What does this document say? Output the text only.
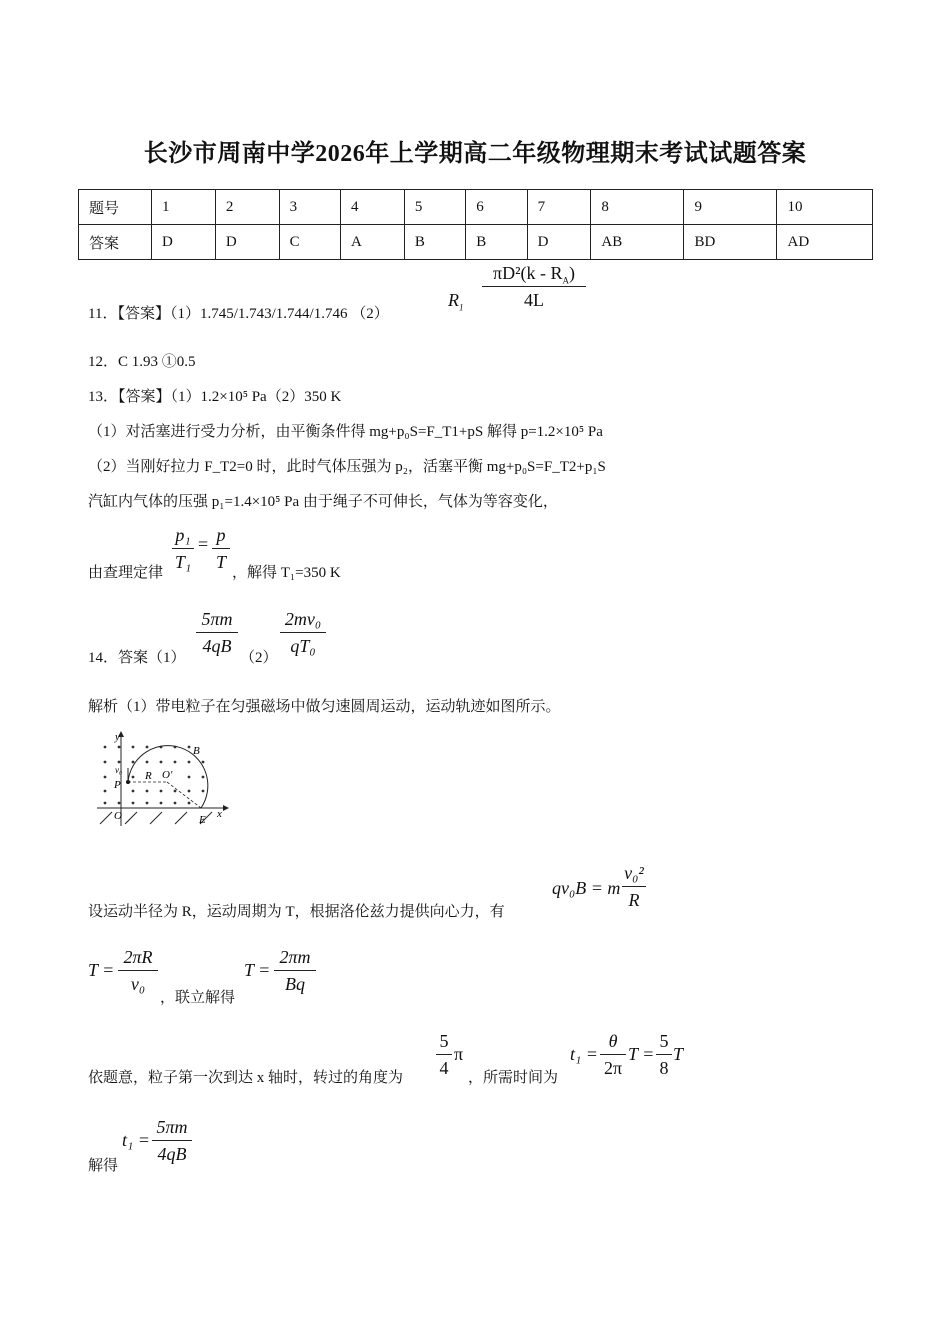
长沙市周南中学2026年上学期高二年级物理期末考试试题答案
题号	1	2	3	4	5	6	7	8	9	10
答案	D	D	C	A	B	B	D	AB	BD	AD
11．【答案】（1）1.745/1.743/1.744/1.746 （2）
$R_1$
$\pi D^2(k - R_A)$
4L
12．C 1.93 ①0.5
13．【答案】（1）1.2×10⁵ Pa（2）350 K
（1）对活塞进行受力分析，由平衡条件得 mg+p₀S=F_T1+pS 解得 p=1.2×10⁵ Pa
（2）当刚好拉力 F_T2=0 时，此时气体压强为 p₂，活塞平衡 mg+p₀S=F_T2+p₁S
汽缸内气体的压强 p₁=1.4×10⁵ Pa 由于绳子不可伸长，气体为等容变化，
由查理定律
p₁
T₁
= p
T
，解得 T₁=350 K
14．答案（1）
5πm
4qB
（2）
2mv₀
qT₀
解析（1）带电粒子在匀强磁场中做匀速圆周运动，运动轨迹如图所示。
y
B
v₀ R O′
P
O	E x
设运动半径为 R，运动周期为 T，根据洛伦兹力提供向心力，有
qv₀B = m
v₀²
R
T =
2πR
v₀
，联立解得
T =
2πm
Bq
依题意，粒子第一次到达 x 轴时，转过的角度为
5
4
π
，所需时间为
t₁ =
θ
2π
T =
5
8
T
解得
t₁ =
5πm
4qB
